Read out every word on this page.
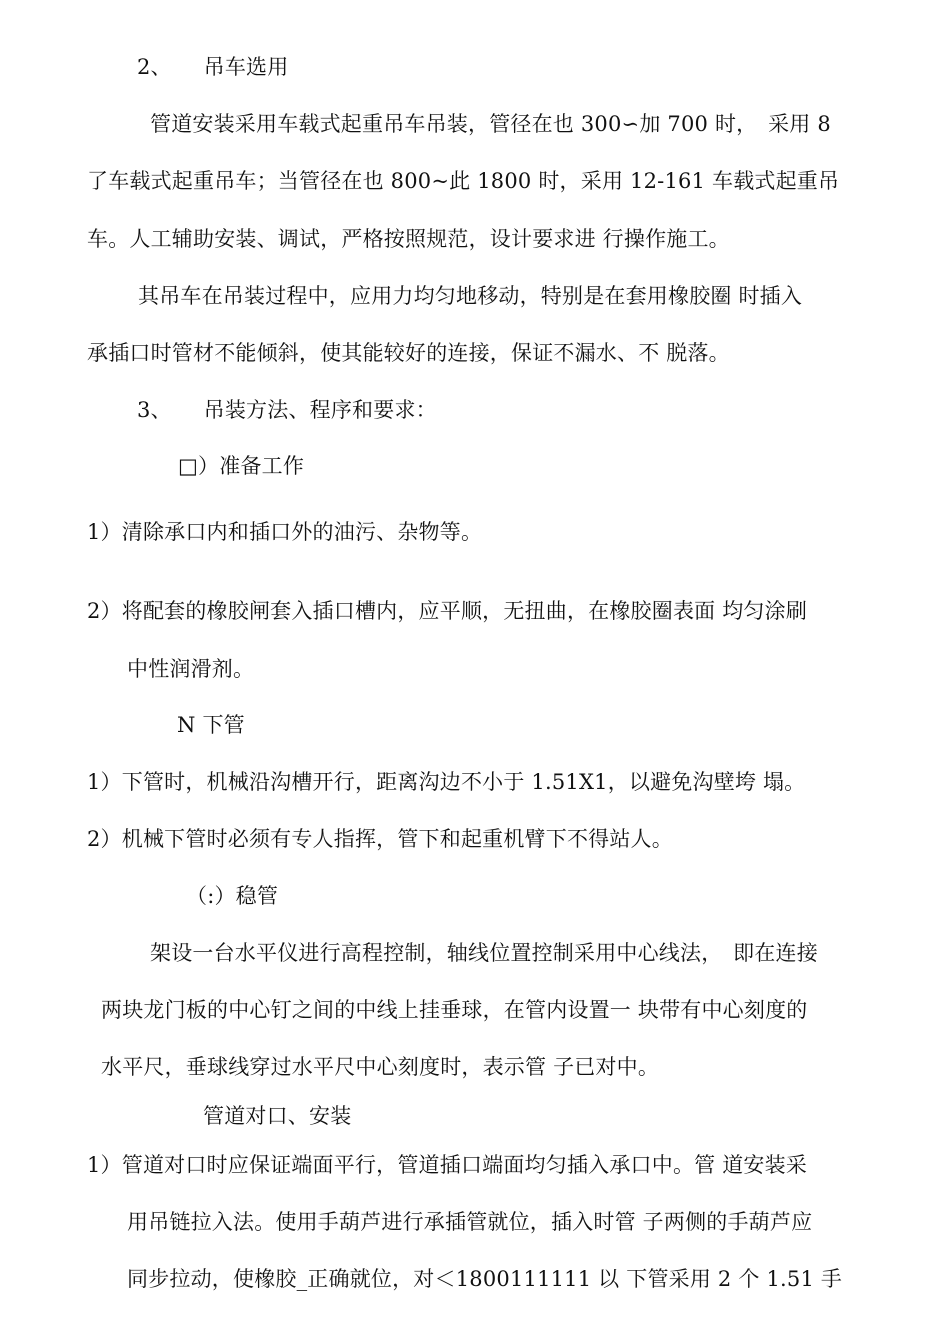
2、　　吊车选用
管道安装采用车载式起重吊车吊装，管径在也 300∽加 700 时，　采用 8
了车载式起重吊车；当管径在也 800~此 1800 时，采用 12-161 车载式起重吊
车。人工辅助安装、调试，严格按照规范，设计要求进 行操作施工。
其吊车在吊装过程中，应用力均匀地移动，特别是在套用橡胶圈 时插入
承插口时管材不能倾斜，使其能较好的连接，保证不漏水、不 脱落。
3、　　吊装方法、程序和要求：
□）准备工作
1）清除承口内和插口外的油污、杂物等。
2）将配套的橡胶闸套入插口槽内，应平顺，无扭曲，在橡胶圈表面 均匀涂刷
中性润滑剂。
N 下管
1）下管时，机械沿沟槽开行，距离沟边不小于 1.51X1，以避免沟壁垮 塌。
2）机械下管时必须有专人指挥，管下和起重机臂下不得站人。
（:）稳管
架设一台水平仪进行高程控制，轴线位置控制采用中心线法，　即在连接
两块龙门板的中心钉之间的中线上挂垂球，在管内设置一 块带有中心刻度的
水平尺，垂球线穿过水平尺中心刻度时，表示管 子已对中。
管道对口、安装
1）管道对口时应保证端面平行，管道插口端面均匀插入承口中。管 道安装采
用吊链拉入法。使用手葫芦进行承插管就位，插入时管 子两侧的手葫芦应
同步拉动，使橡胶_正确就位，对＜1800111111 以 下管采用 2 个 1.51 手
